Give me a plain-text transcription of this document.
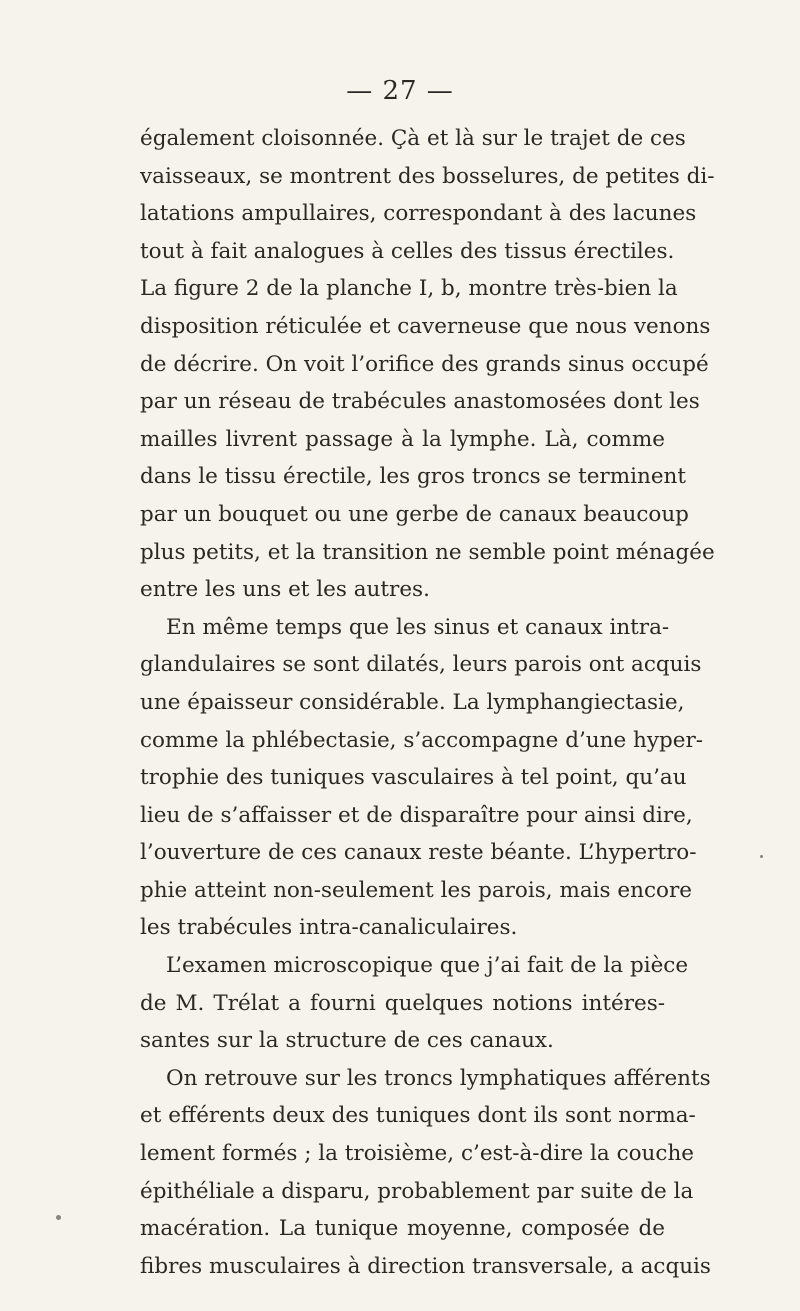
— 27 —
également cloisonnée. Çà et là sur le trajet de ces
vaisseaux, se montrent des bosselures, de petites di-
latations ampullaires, correspondant à des lacunes
tout à fait analogues à celles des tissus érectiles.
La figure 2 de la planche I, b, montre très-bien la
disposition réticulée et caverneuse que nous venons
de décrire. On voit l’orifice des grands sinus occupé
par un réseau de trabécules anastomosées dont les
mailles livrent passage à la lymphe. Là, comme
dans le tissu érectile, les gros troncs se terminent
par un bouquet ou une gerbe de canaux beaucoup
plus petits, et la transition ne semble point ménagée
entre les uns et les autres.
En même temps que les sinus et canaux intra-
glandulaires se sont dilatés, leurs parois ont acquis
une épaisseur considérable. La lymphangiectasie,
comme la phlébectasie, s’accompagne d’une hyper-
trophie des tuniques vasculaires à tel point, qu’au
lieu de s’affaisser et de disparaître pour ainsi dire,
l’ouverture de ces canaux reste béante. L’hypertro-
phie atteint non-seulement les parois, mais encore
les trabécules intra-canaliculaires.
L’examen microscopique que j’ai fait de la pièce
de M. Trélat a fourni quelques notions intéres-
santes sur la structure de ces canaux.
On retrouve sur les troncs lymphatiques afférents
et efférents deux des tuniques dont ils sont norma-
lement formés ; la troisième, c’est-à-dire la couche
épithéliale a disparu, probablement par suite de la
macération. La tunique moyenne, composée de
fibres musculaires à direction transversale, a acquis
